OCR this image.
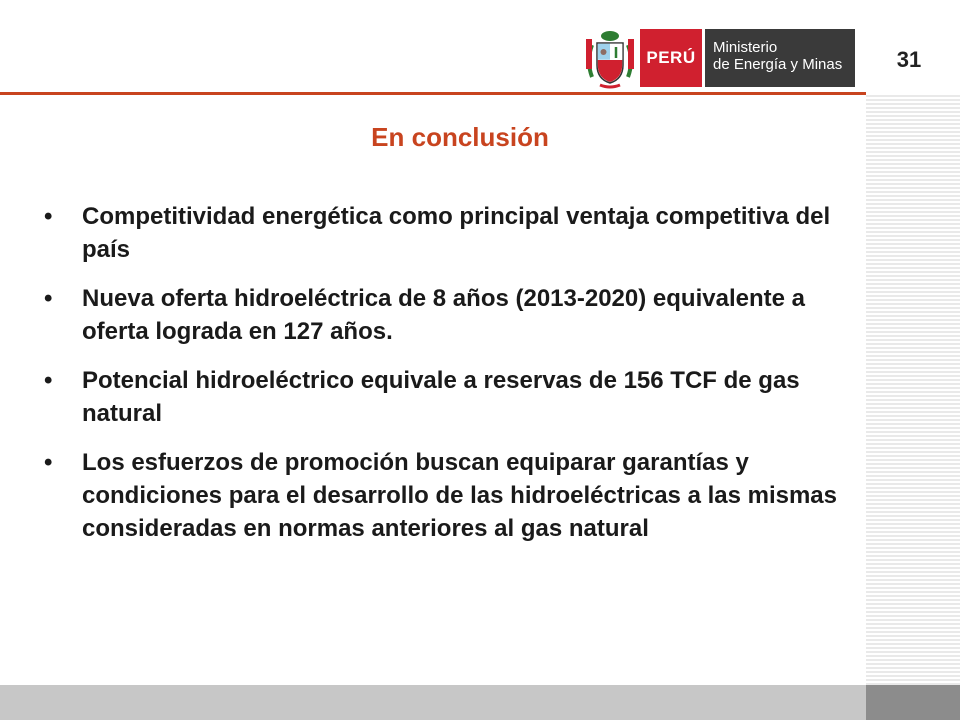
31
PERÚ
Ministerio
de Energía y Minas
En conclusión
• Competitividad energética como principal ventaja competitiva del país
• Nueva oferta hidroeléctrica de 8 años (2013-2020) equivalente a oferta lograda en 127 años.
• Potencial hidroeléctrico equivale a reservas de 156 TCF de gas natural
• Los esfuerzos de promoción buscan equiparar garantías y condiciones para el desarrollo de las hidroeléctricas a las mismas consideradas en normas anteriores al gas natural
